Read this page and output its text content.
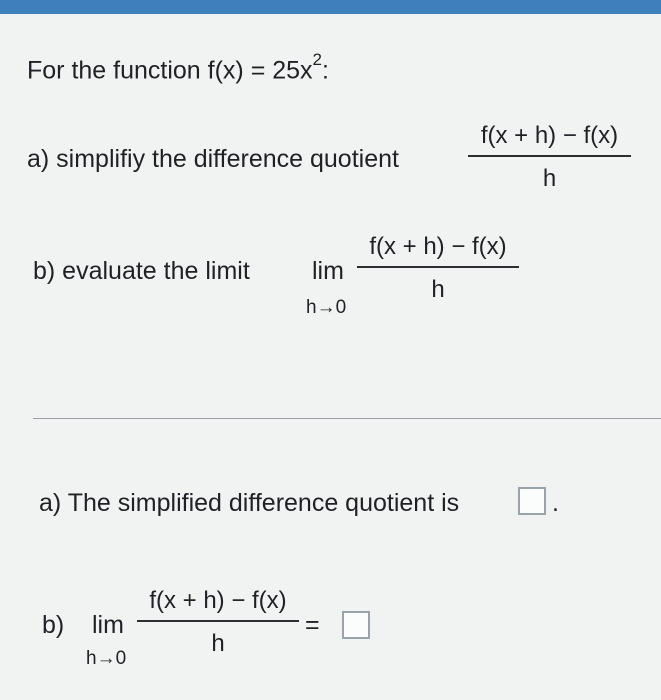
For the function $f(x) = 25x^2$:
a) simplifiy the difference quotient
f(x + h) − f(x)
h
b) evaluate the limit lim
h→0
f(x + h) − f(x)
h
a) The simplified difference quotient is	.
b) lim
h→0
f(x + h) − f(x)
h
=
